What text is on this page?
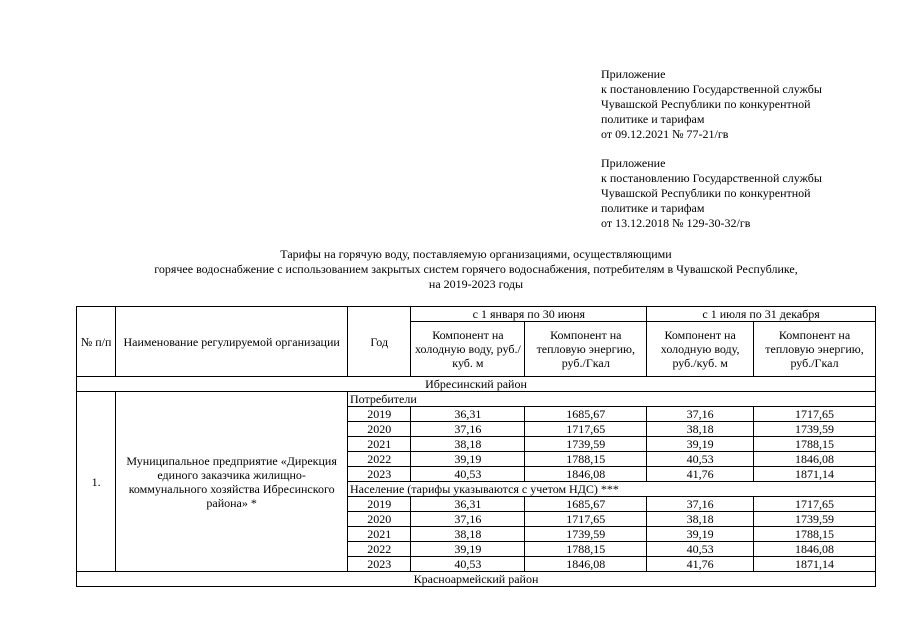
Приложение
к постановлению Государственной службы
Чувашской Республики по конкурентной
политике и тарифам
от 09.12.2021 № 77-21/гв
Приложение
к постановлению Государственной службы
Чувашской Республики по конкурентной
политике и тарифам
от 13.12.2018 № 129-30-32/гв
Тарифы на горячую воду, поставляемую организациями, осуществляющими
горячее водоснабжение с использованием закрытых систем горячего водоснабжения, потребителям в Чувашской Республике,
на 2019-2023 годы
№ п/п	Наименование регулируемой организации	Год	с 1 января по 30 июня		с 1 июля по 31 декабря	
			Компонент на холодную воду, руб./куб. м	Компонент на тепловую энергию, руб./Гкал	Компонент на холодную воду, руб./куб. м	Компонент на тепловую энергию, руб./Гкал
Ибресинский район						
1.	Муниципальное предприятие «Дирекция единого заказчика жилищно-коммунального хозяйства Ибресинского района» *	Потребители				
		2019	36,31	1685,67	37,16	1717,65
		2020	37,16	1717,65	38,18	1739,59
		2021	38,18	1739,59	39,19	1788,15
		2022	39,19	1788,15	40,53	1846,08
		2023	40,53	1846,08	41,76	1871,14
		Население (тарифы указываются с учетом НДС) ***				
		2019	36,31	1685,67	37,16	1717,65
		2020	37,16	1717,65	38,18	1739,59
		2021	38,18	1739,59	39,19	1788,15
		2022	39,19	1788,15	40,53	1846,08
		2023	40,53	1846,08	41,76	1871,14
Красноармейский район						
